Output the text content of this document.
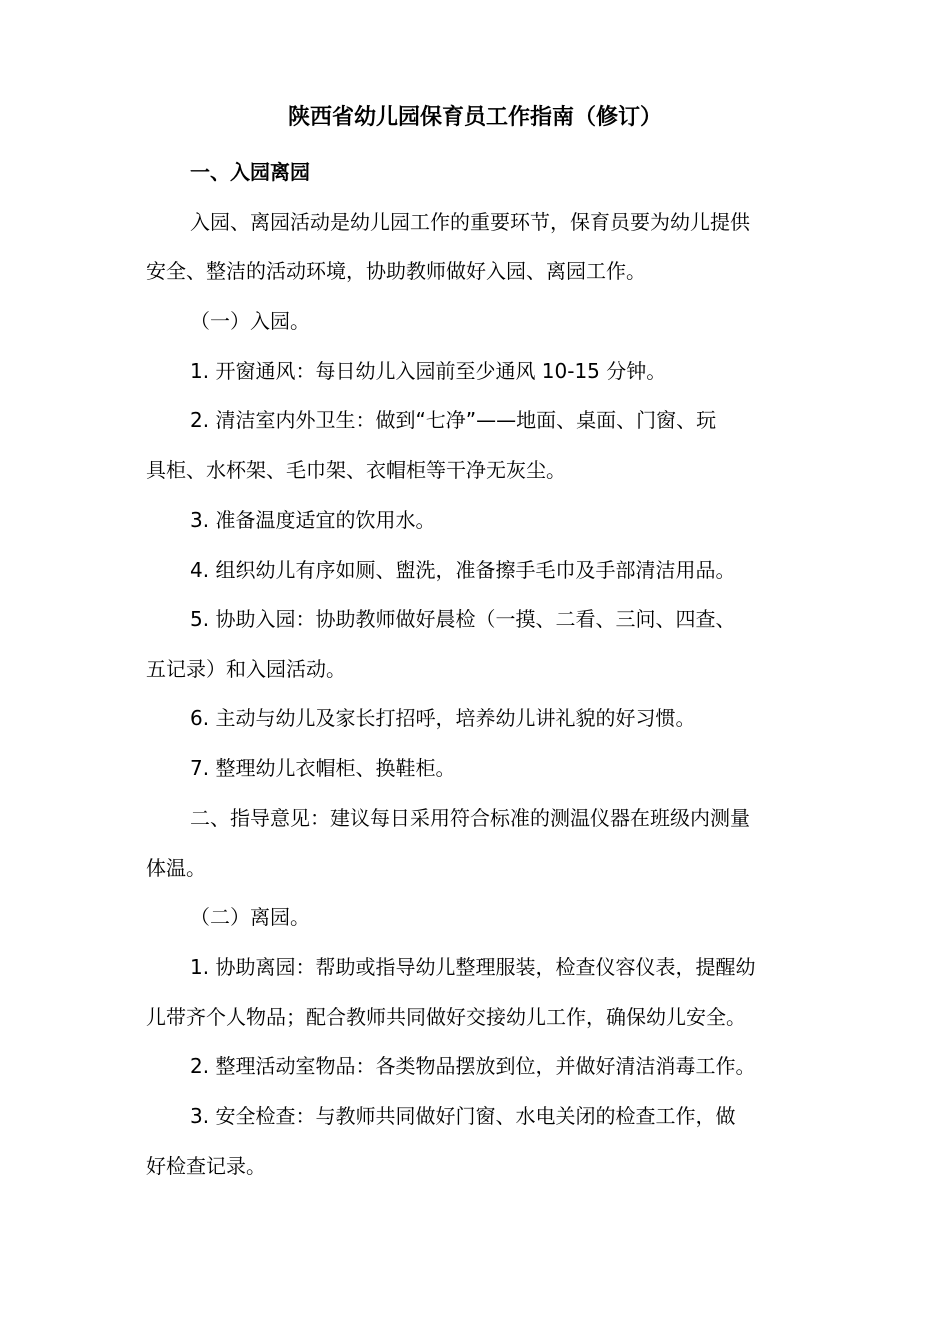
陕西省幼儿园保育员工作指南（修订）
一、入园离园
入园、离园活动是幼儿园工作的重要环节，保育员要为幼儿提供
安全、整洁的活动环境，协助教师做好入园、离园工作。
（一）入园。
1. 开窗通风：每日幼儿入园前至少通风 10-15 分钟。
2. 清洁室内外卫生：做到“七净”——地面、桌面、门窗、玩
具柜、水杯架、毛巾架、衣帽柜等干净无灰尘。
3. 准备温度适宜的饮用水。
4. 组织幼儿有序如厕、盥洗，准备擦手毛巾及手部清洁用品。
5. 协助入园：协助教师做好晨检（一摸、二看、三问、四查、
五记录）和入园活动。
6. 主动与幼儿及家长打招呼，培养幼儿讲礼貌的好习惯。
7. 整理幼儿衣帽柜、换鞋柜。
二、指导意见：建议每日采用符合标准的测温仪器在班级内测量
体温。
（二）离园。
1. 协助离园：帮助或指导幼儿整理服装，检查仪容仪表，提醒幼
儿带齐个人物品；配合教师共同做好交接幼儿工作，确保幼儿安全。
2. 整理活动室物品：各类物品摆放到位，并做好清洁消毒工作。
3. 安全检查：与教师共同做好门窗、水电关闭的检查工作，做
好检查记录。
